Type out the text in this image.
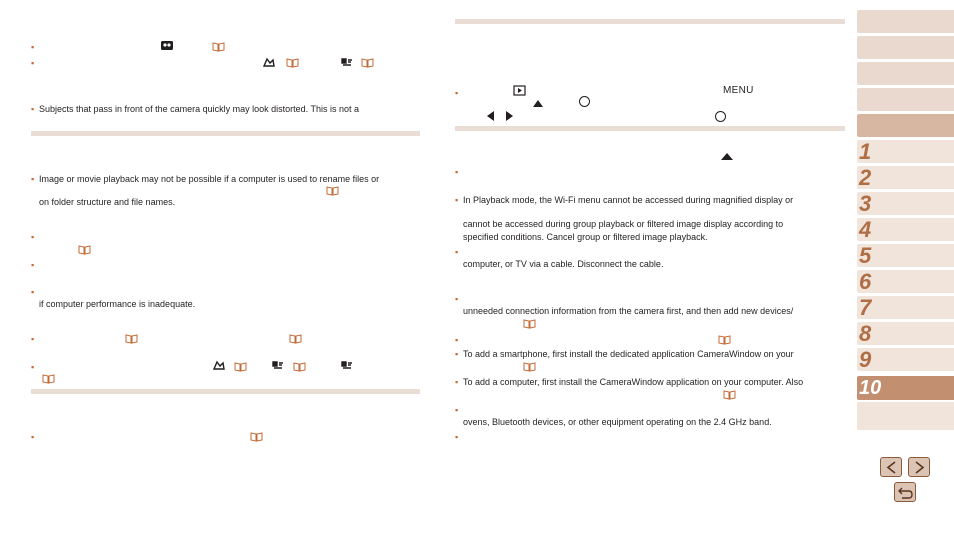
▪
▪
▪ Subjects that pass in front of the camera quickly may look distorted. This is not a
▪ Image or movie playback may not be possible if a computer is used to rename files or
on folder structure and file names.
▪
▪
▪
if computer performance is inadequate.
▪
▪
▪
▪	MENU
▪
▪ In Playback mode, the Wi-Fi menu cannot be accessed during magnified display or
cannot be accessed during group playback or filtered image display according to
specified conditions. Cancel group or filtered image playback.
▪
computer, or TV via a cable. Disconnect the cable.
▪
unneeded connection information from the camera first, and then add new devices/
▪
▪ To add a smartphone, first install the dedicated application CameraWindow on your
▪ To add a computer, first install the CameraWindow application on your computer. Also
▪
ovens, Bluetooth devices, or other equipment operating on the 2.4 GHz band.
▪
1
2
3
4
5
6
7
8
9
10
